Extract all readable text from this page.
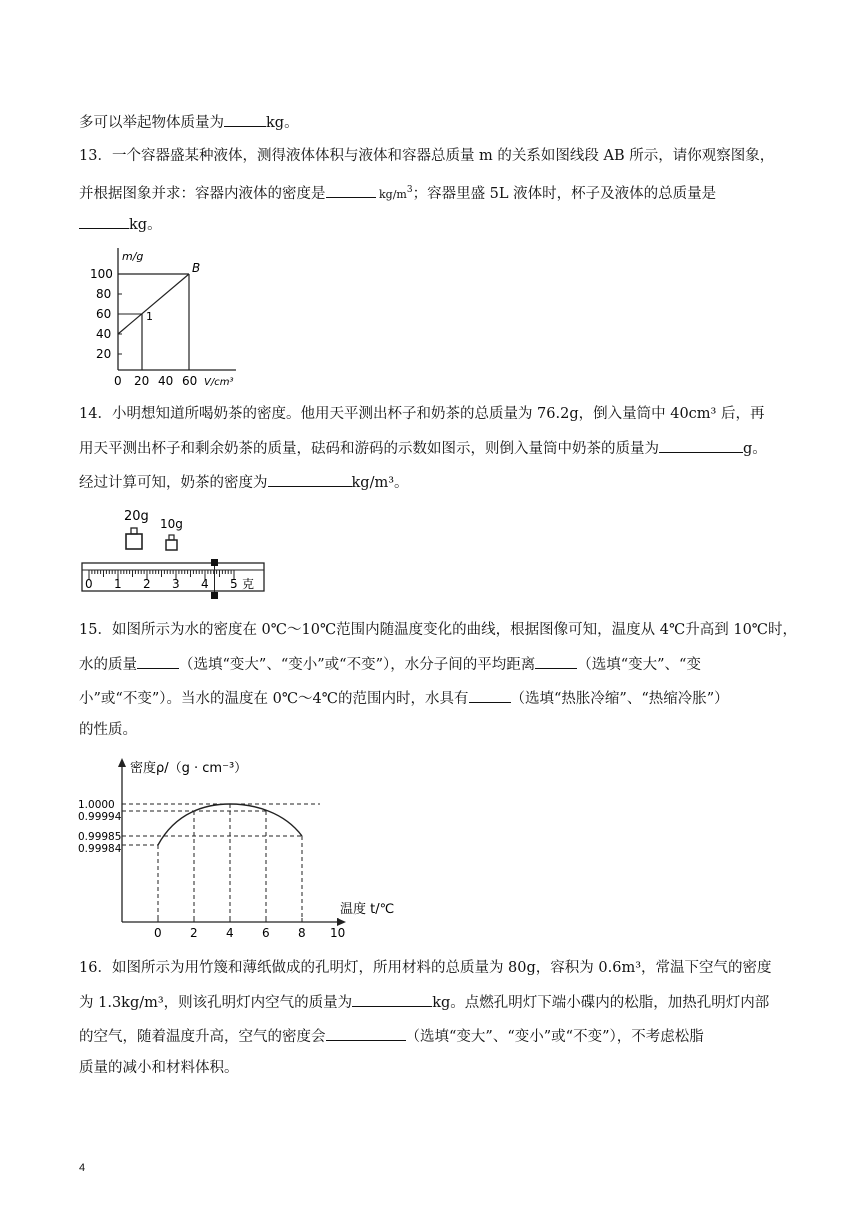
多可以举起物体质量为	kg。
13．一个容器盛某种液体，测得液体体积与液体和容器总质量 m 的关系如图线段 AB 所示，请你观察图象，
并根据图象并求：容器内液体的密度是	$kg/m^3$；容器里盛 5L 液体时，杯子及液体的总质量是
kg。
m/g
100
80
60
40
20
B
1
0 20 40 60 V/cm³
14．小明想知道所喝奶茶的密度。他用天平测出杯子和奶茶的总质量为 76.2g，倒入量筒中 40cm³ 后，再
用天平测出杯子和剩余奶茶的质量，砝码和游码的示数如图示，则倒入量筒中奶茶的质量为	g。
经过计算可知，奶茶的密度为	kg/m³。
20g 10g
0 1 2 3 4 5 克
15．如图所示为水的密度在 0℃～10℃范围内随温度变化的曲线，根据图像可知，温度从 4℃升高到 10℃时，
水的质量	（选填“变大”、“变小”或“不变”），水分子间的平均距离	（选填“变大”、“变
小”或“不变”）。当水的温度在 0℃～4℃的范围内时，水具有	（选填“热胀冷缩”、“热缩冷胀”）
的性质。
密度ρ/（g · cm⁻³）
温度 t/℃
1.0000
0.99994
0.99985
0.99984
0 2 4 6 8 10
16．如图所示为用竹篾和薄纸做成的孔明灯，所用材料的总质量为 80g，容积为 0.6m³，常温下空气的密度
为 1.3kg/m³，则该孔明灯内空气的质量为	kg。点燃孔明灯下端小碟内的松脂，加热孔明灯内部
的空气，随着温度升高，空气的密度会	（选填“变大”、“变小”或“不变”），不考虑松脂
质量的减小和材料体积。
4
